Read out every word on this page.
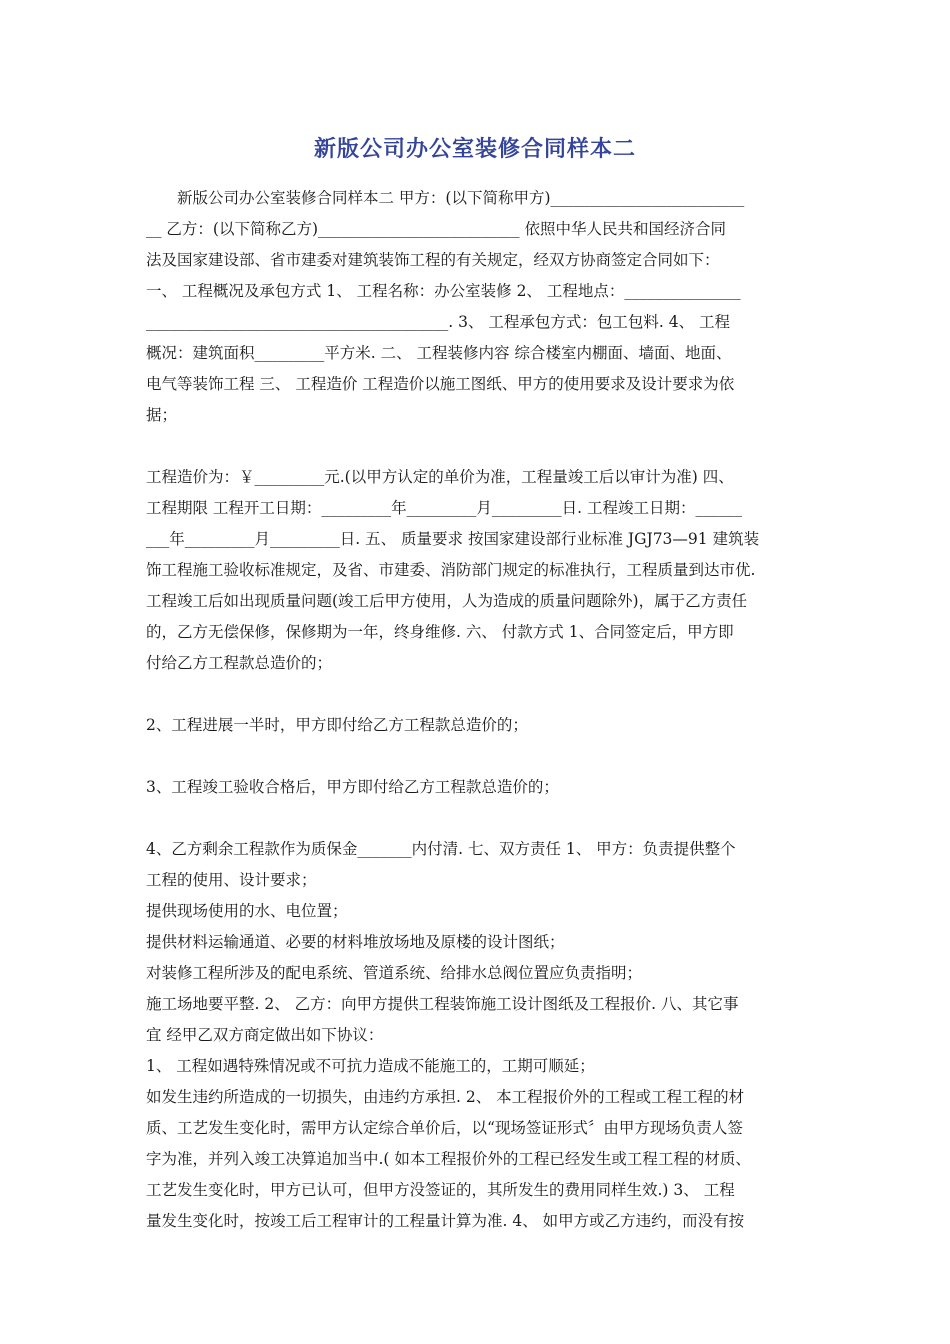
新版公司办公室装修合同样本二
　　新版公司办公室装修合同样本二 甲方：(以下简称甲方)_________________________
__ 乙方：(以下简称乙方)__________________________ 依照中华人民共和国经济合同
法及国家建设部、省市建委对建筑装饰工程的有关规定，经双方协商签定合同如下：
一、 工程概况及承包方式 1、 工程名称：办公室装修 2、 工程地点：_______________
_______________________________________. 3、 工程承包方式：包工包料. 4、 工程
概况：建筑面积_________平方米. 二、 工程装修内容 综合楼室内棚面、墙面、地面、
电气等装饰工程 三、 工程造价 工程造价以施工图纸、甲方的使用要求及设计要求为依
据；
工程造价为：￥_________元.(以甲方认定的单价为准，工程量竣工后以审计为准) 四、
工程期限 工程开工日期：_________年_________月_________日. 工程竣工日期：______
___年_________月_________日. 五、 质量要求 按国家建设部行业标准 JGJ73—91 建筑装
饰工程施工验收标准规定，及省、市建委、消防部门规定的标准执行，工程质量到达市优.
工程竣工后如出现质量问题(竣工后甲方使用，人为造成的质量问题除外)，属于乙方责任
的，乙方无偿保修，保修期为一年，终身维修. 六、 付款方式 1、合同签定后，甲方即
付给乙方工程款总造价的；
2、工程进展一半时，甲方即付给乙方工程款总造价的；
3、工程竣工验收合格后，甲方即付给乙方工程款总造价的；
4、乙方剩余工程款作为质保金_______内付清. 七、双方责任 1、 甲方：负责提供整个
工程的使用、设计要求；
提供现场使用的水、电位置；
提供材料运输通道、必要的材料堆放场地及原楼的设计图纸；
对装修工程所涉及的配电系统、管道系统、给排水总阀位置应负责指明；
施工场地要平整. 2、 乙方：向甲方提供工程装饰施工设计图纸及工程报价. 八、其它事
宜 经甲乙双方商定做出如下协议：
1、 工程如遇特殊情况或不可抗力造成不能施工的，工期可顺延；
如发生违约所造成的一切损失，由违约方承担. 2、 本工程报价外的工程或工程工程的材
质、工艺发生变化时，需甲方认定综合单价后，以“现场签证形式〞由甲方现场负责人签
字为准，并列入竣工决算追加当中.( 如本工程报价外的工程已经发生或工程工程的材质、
工艺发生变化时，甲方已认可，但甲方没签证的，其所发生的费用同样生效.) 3、 工程
量发生变化时，按竣工后工程审计的工程量计算为准. 4、 如甲方或乙方违约，而没有按
